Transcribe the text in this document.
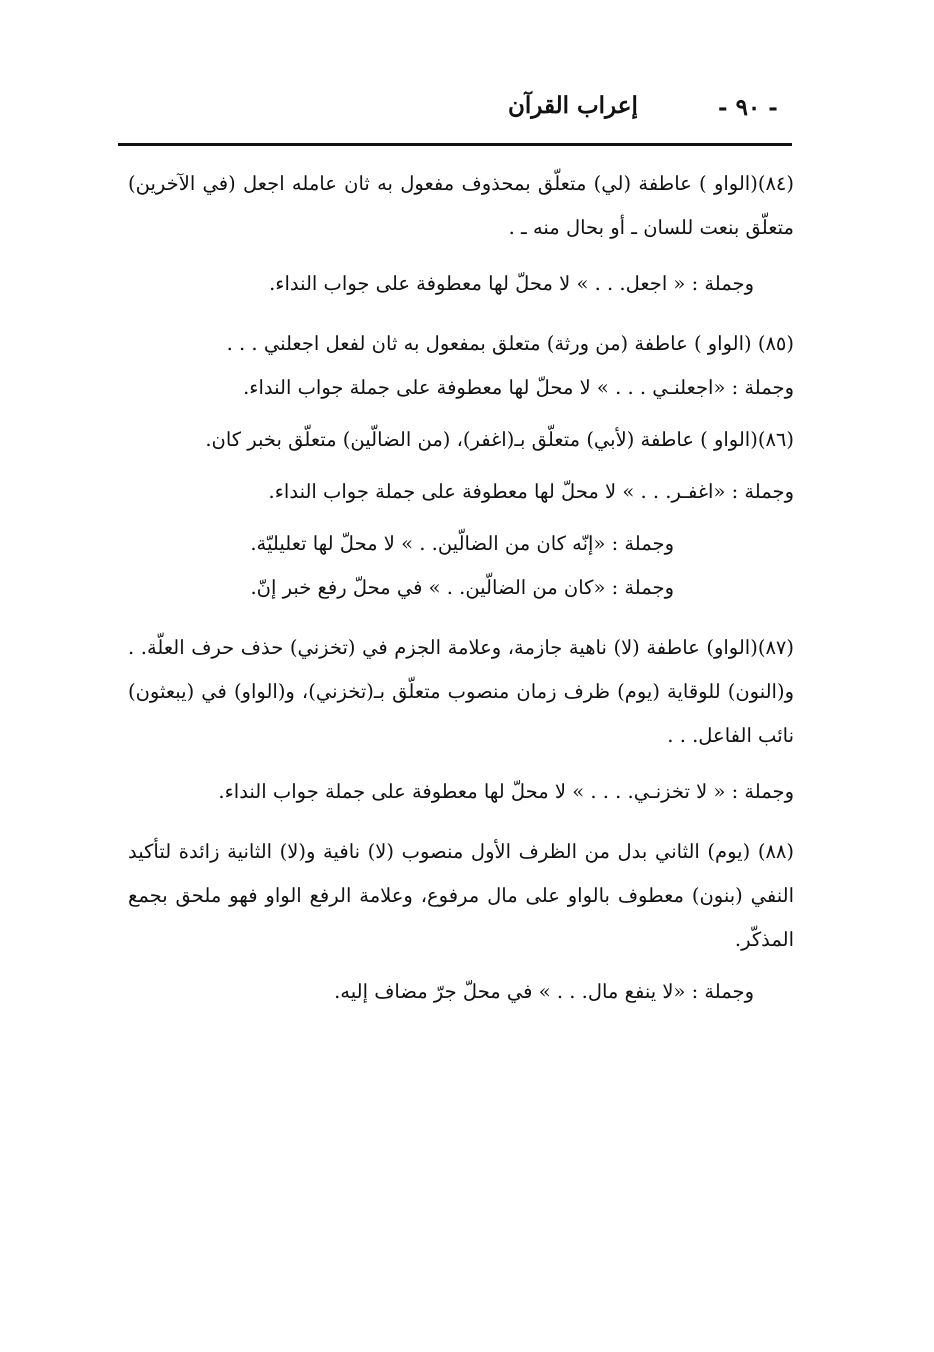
إعراب القرآن	- ٩٠ -

(٨٤)(الواو ) عاطفة (لي) متعلّق بمحذوف مفعول به ثان عامله اجعل (في الآخرين) متعلّق بنعت للسان ـ أو بحال منه ـ .

وجملة : « اجعل. . . » لا محلّ لها معطوفة على جواب النداء.

(٨٥) (الواو ) عاطفة (من ورثة) متعلق بمفعول به ثان لفعل اجعلني . . .

وجملة : «اجعلنـي . . . » لا محلّ لها معطوفة على جملة جواب النداء.

(٨٦)(الواو ) عاطفة (لأبي) متعلّق بـ(اغفر)، (من الضالّين) متعلّق بخبر كان.

وجملة : «اغفـر. . . » لا محلّ لها معطوفة على جملة جواب النداء.

وجملة : «إنّه كان من الضالّين. . » لا محلّ لها تعليليّة.

وجملة : «كان من الضالّين. . » في محلّ رفع خبر إنّ.

(٨٧)(الواو) عاطفة (لا) ناهية جازمة، وعلامة الجزم في (تخزني) حذف حرف العلّة. . و(النون) للوقاية (يوم) ظرف زمان منصوب متعلّق بـ(تخزني)، و(الواو) في (يبعثون) نائب الفاعل. . .

وجملة : « لا تخزنـي. . . . » لا محلّ لها معطوفة على جملة جواب النداء.

(٨٨) (يوم) الثاني بدل من الظرف الأول منصوب (لا) نافية و(لا) الثانية زائدة لتأكيد النفي (بنون) معطوف بالواو على مال مرفوع، وعلامة الرفع الواو فهو ملحق بجمع المذكّر.

وجملة : «لا ينفع مال. . . » في محلّ جرّ مضاف إليه.
